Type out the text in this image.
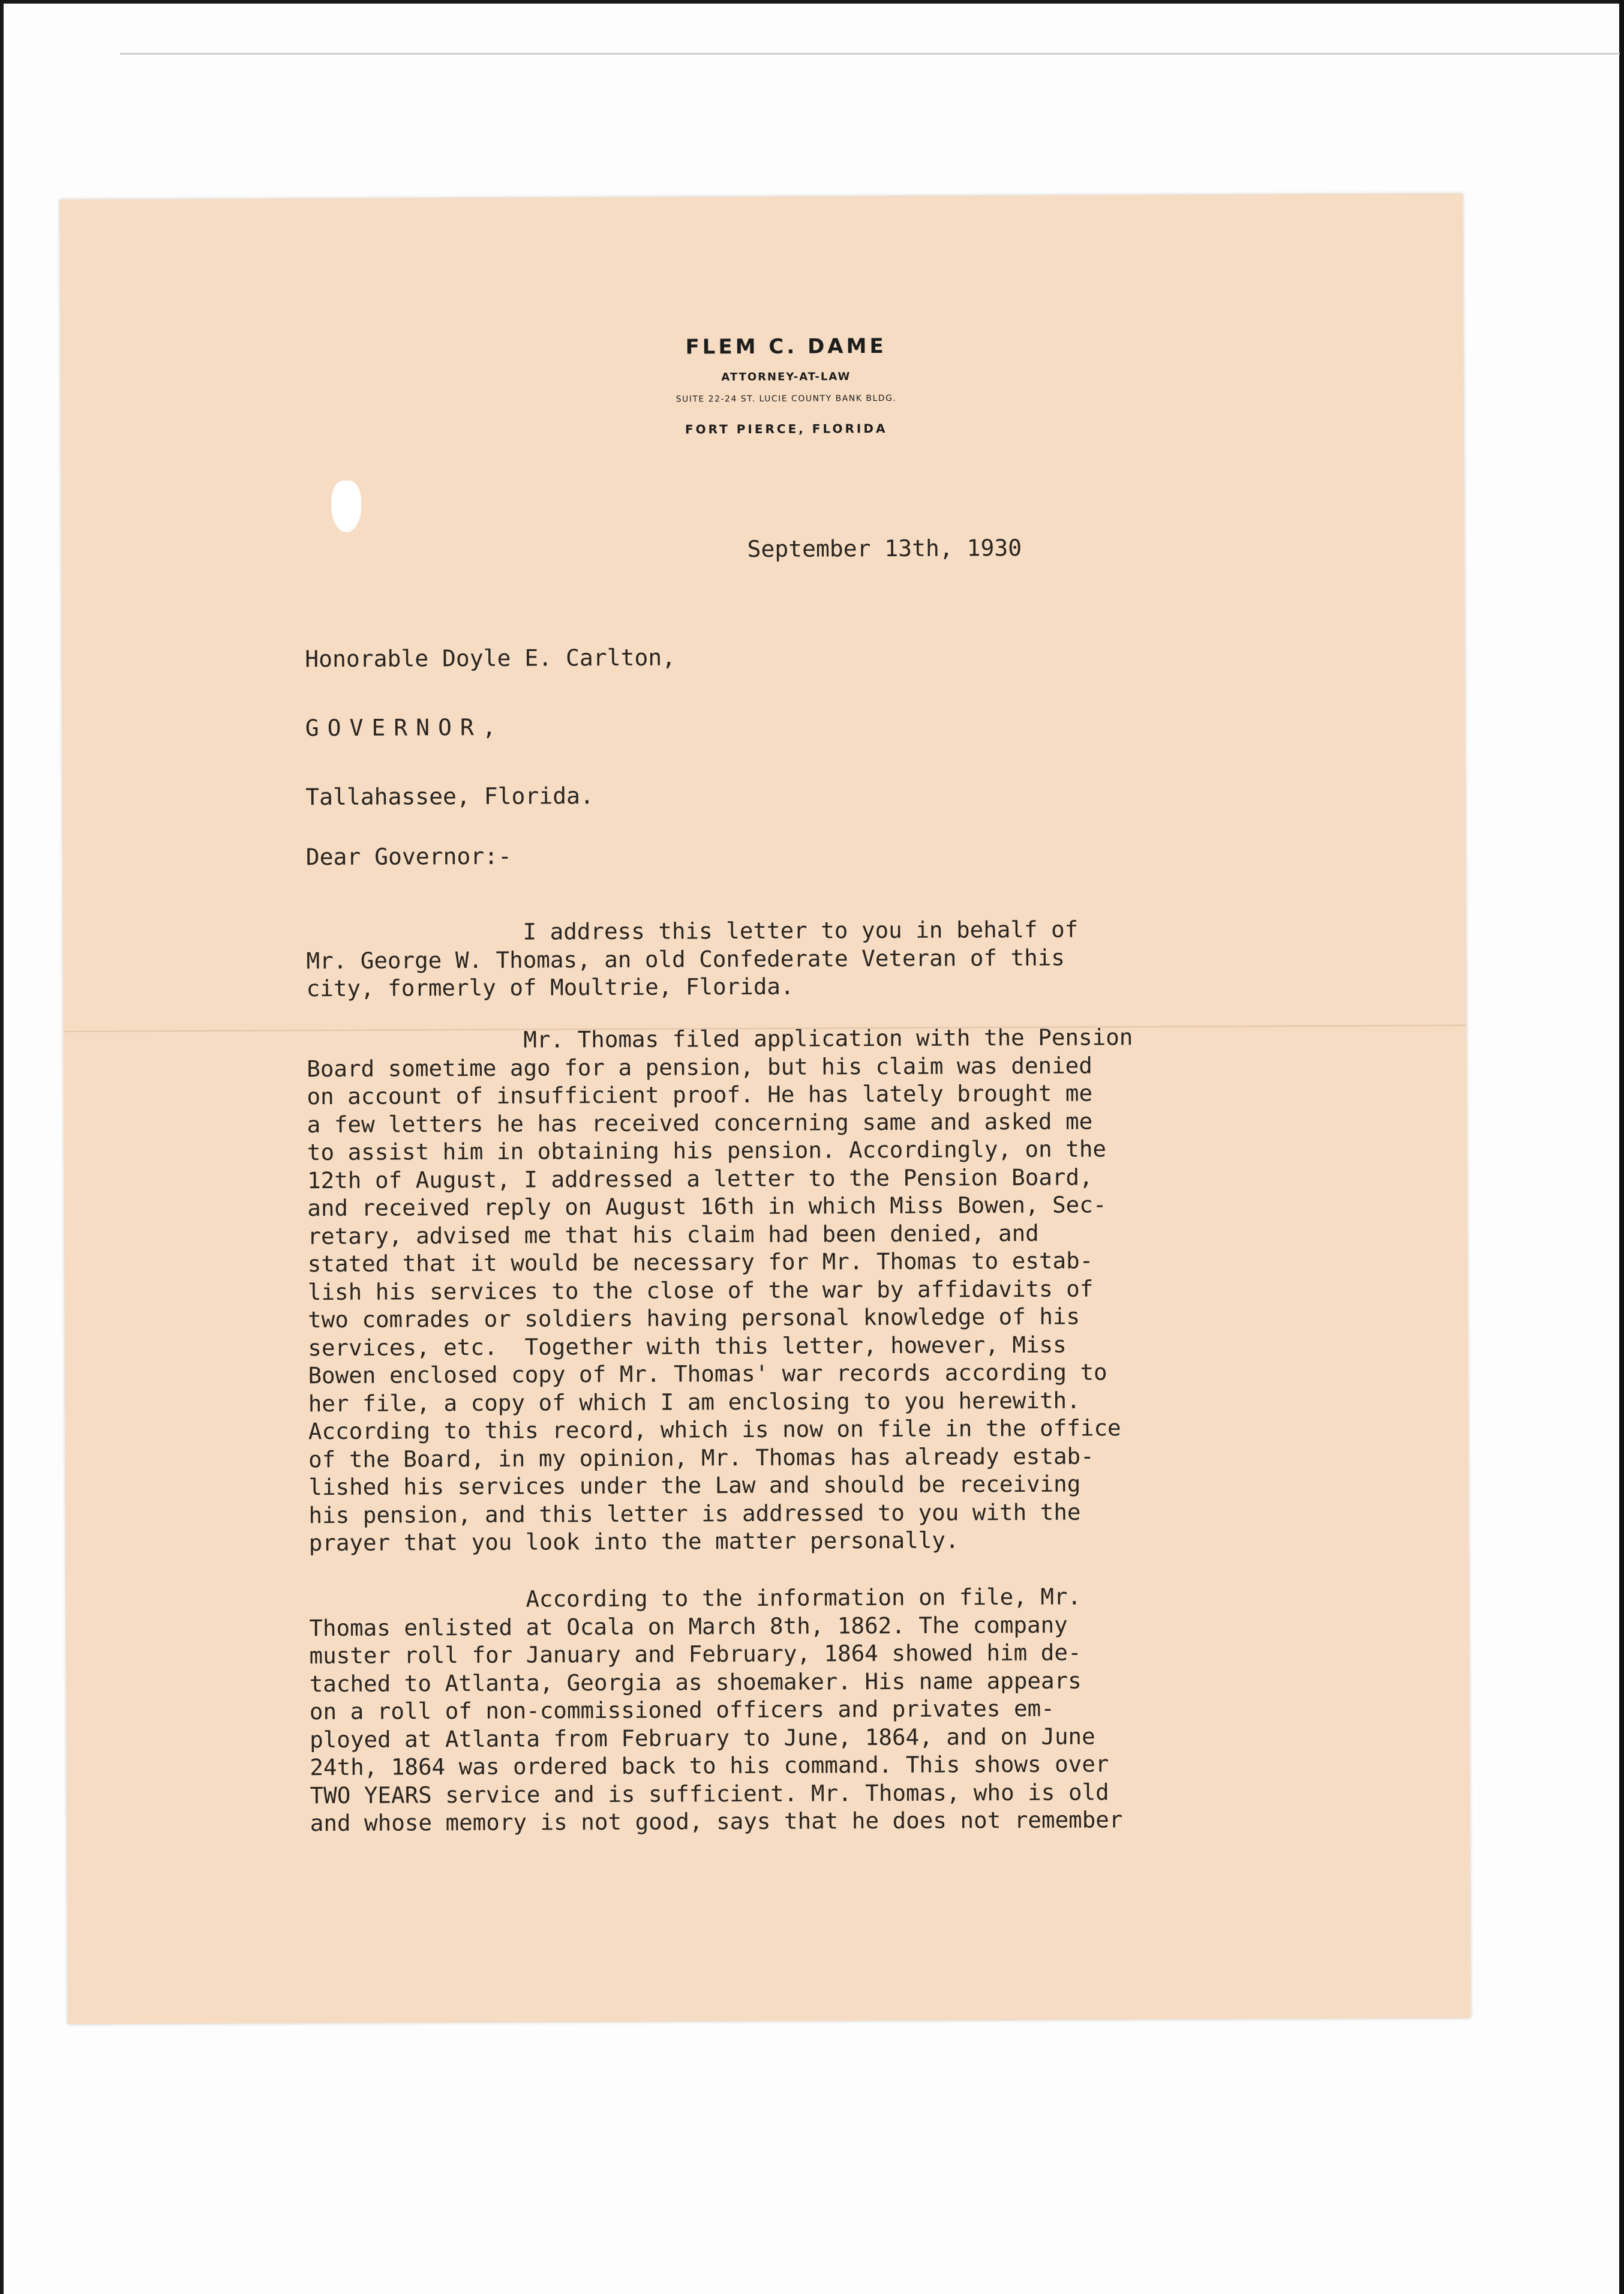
FLEM C. DAME
ATTORNEY-AT-LAW
SUITE 22-24 ST. LUCIE COUNTY BANK BLDG.
FORT PIERCE, FLORIDA
September 13th, 1930
Honorable Doyle E. Carlton,
GOVERNOR,
Tallahassee, Florida.
Dear Governor:-
I address this letter to you in behalf of
Mr. George W. Thomas, an old Confederate Veteran of this
city, formerly of Moultrie, Florida.
Mr. Thomas filed application with the Pension
Board sometime ago for a pension, but his claim was denied
on account of insufficient proof. He has lately brought me
a few letters he has received concerning same and asked me
to assist him in obtaining his pension. Accordingly, on the
12th of August, I addressed a letter to the Pension Board,
and received reply on August 16th in which Miss Bowen, Sec-
retary, advised me that his claim had been denied, and
stated that it would be necessary for Mr. Thomas to estab-
lish his services to the close of the war by affidavits of
two comrades or soldiers having personal knowledge of his
services, etc.  Together with this letter, however, Miss
Bowen enclosed copy of Mr. Thomas' war records according to
her file, a copy of which I am enclosing to you herewith.
According to this record, which is now on file in the office
of the Board, in my opinion, Mr. Thomas has already estab-
lished his services under the Law and should be receiving
his pension, and this letter is addressed to you with the
prayer that you look into the matter personally.
According to the information on file, Mr.
Thomas enlisted at Ocala on March 8th, 1862. The company
muster roll for January and February, 1864 showed him de-
tached to Atlanta, Georgia as shoemaker. His name appears
on a roll of non-commissioned officers and privates em-
ployed at Atlanta from February to June, 1864, and on June
24th, 1864 was ordered back to his command. This shows over
TWO YEARS service and is sufficient. Mr. Thomas, who is old
and whose memory is not good, says that he does not remember
